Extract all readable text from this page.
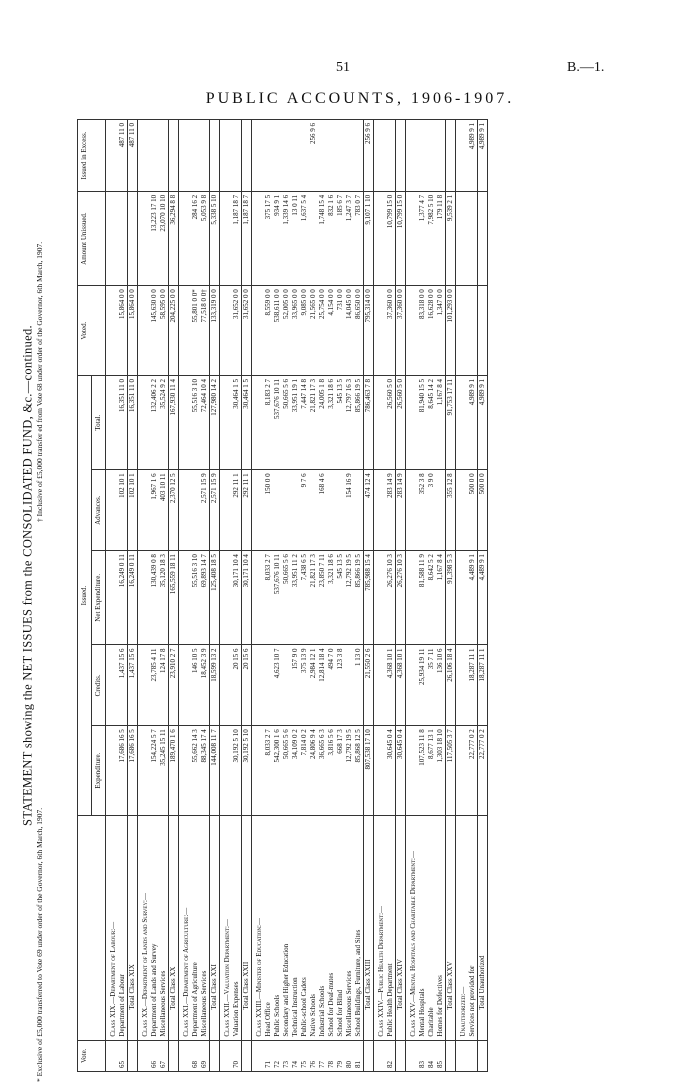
51	B.—1.
PUBLIC ACCOUNTS, 1906-1907.
STATEMENT showing the NET ISSUES from the CONSOLIDATED FUND, &c.—continued.
* Exclusive of £5,000 transferred to Vote 69 under order of the Governor, 6th March, 1907.
† Inclusive of £5,000 transfer ed from Vote 68 under order of the Governor, 6th March, 1907.
Vote.		Issued.					Voted.	Amount Unissued.	Issued in Excess.
		Expenditure.	Credits.	Net Expenditure.	Advances.	Total.			
	Class XIX.—Department of Labour:—								
65	Department of Labour	17,686 16 5	1,437 15 6	16,249 0 11	102 10 1	16,351 11 0	15,864 0 0		487 11 0
	Total Class XIX	17,686 16 5	1,437 15 6	16,249 0 11	102 10 1	16,351 11 0	15,864 0 0		487 11 0
	Class XX.—Department of Lands and Survey:—								
66	Department of Lands and Survey	154,224 5 7	23,785 4 11	130,439 0 8	1,967 1 6	132,406 2 2	145,630 0 0	13,223 17 10	
67	Miscellaneous Services	35,245 15 11	124 17 8	35,120 18 3	403 10 11	35,524 9 2	58,595 0 0	23,070 10 10	
	Total Class XX	189,470 1 6	23,910 2 7	165,559 18 11	2,370 12 5	167,930 11 4	204,225 0 0	36,294 8 8	
	Class XXI.—Department of Agriculture:—								
68	Department of Agriculture	55,662 14 3	146 10 5	55,516 3 10		55,516 3 10	55,801 0 0*	284 16 2	
69	Miscellaneous Services	88,345 17 4	18,452 3 9	69,893 14 7	2,571 15 9	72,464 10 4	77,518 0 0†	5,053 9 8	
	Total Class XXI	144,008 11 7	18,599 13 2	125,408 18 5	2,571 15 9	127,980 14 2	133,319 0 0	5,338 5 10	
	Class XXII.—Valuation Department:—								
70	Valuation Expenses	30,192 5 10	20 15 6	30,171 10 4	292 11 1	30,464 1 5	31,652 0 0	1,187 18 7	
	Total Class XXII	30,192 5 10	20 15 6	30,171 10 4	292 11 1	30,464 1 5	31,652 0 0	1,187 18 7	
	Class XXIII.—Minister of Education:—								
71	Head Office	8,033 2 7		8,033 2 7	150 0 0	8,183 2 7	8,559 0 0	375 17 5	
72	Public Schools	542,300 1 6	4,623 10 7	537,676 10 11		537,676 10 11	538,611 0 0	934 9 1	
73	Secondary and Higher Education	50,665 5 6		50,665 5 6		50,665 5 6	52,005 0 0	1,339 14 6	
74	Technical Instruction	34,109 0 2	157 9 0	33,951 11 2		33,951 19 1	33,965 0 0	13 0 11	
75	Public-school Cadets	7,814 0 2	375 13 9	7,438 6 5	9 7 6	7,447 14 8	9,085 0 0	1,637 5 4	
76	Native Schools	24,806 9 4	2,984 12 1	21,821 17 3		21,821 17 3	21,565 0 0		256 9 6
77	Industrial Schools	36,665 6 3	12,814 18 4	23,850 7 11	168 4 6	24,005 1 8	25,754 0 0	1,748 15 4	
78	School for Deaf-mutes	3,816 5 6	494 7 0	3,321 18 6		3,321 18 6	4,154 0 0	832 1 6	
79	School for Blind	668 17 3	123 3 8	545 13 5		545 13 5	731 0 0	185 6 7	
80	Miscellaneous Services	12,792 19 5		12,792 19 5	154 16 9	12,797 16 3	14,045 0 0	1,247 3 7	
81	School Buildings, Furniture, and Sites	85,868 12 5	1 13 0	85,866 19 5		85,866 19 5	86,650 0 0	783 0 7	
	Total Class XXIII	807,538 17 10	21,550 2 6	785,988 15 4	474 12 4	786,463 7 8	795,314 0 0	9,107 1 10	256 9 6
	Class XXIV.—Public Health Department:—								
82	Public Health Department	30,645 0 4	4,368 10 1	26,276 10 3	283 14 9	26,560 5 0	37,360 0 0	10,799 15 0	
	Total Class XXIV	30,645 0 4	4,368 10 1	26,276 10 3	283 14 9	26,560 5 0	37,360 0 0	10,799 15 0	
	Class XXV.—Mental Hospitals and Charitable Department:—								
83	Mental Hospitals	107,523 11 8	25,934 19 11	81,588 11 9	352 3 8	81,940 15 5	83,318 0 0	1,377 4 7	
84	Charitable	8,677 13 1	35 7 11	8,642 5 2	3 9 0	8,645 14 2	16,628 0 0	7,982 5 10	
85	Homes for Defectives	1,303 18 10	136 10 6	1,167 8 4		1,167 8 4	1,347 0 0	179 11 8	
	Total Class XXV	117,505 3 7	26,106 18 4	91,398 5 3	355 12 8	91,753 17 11	101,293 0 0	9,539 2 1	
	Unauthorized:—								
	Services not provided for	22,777 0 2	18,287 11 1	4,489 9 1	500 0 0	4,989 9 1			4,989 9 1
	Total Unauthorized	22,777 0 2	18,287 11 1	4,489 9 1	500 0 0	4,989 9 1			4,989 9 1
